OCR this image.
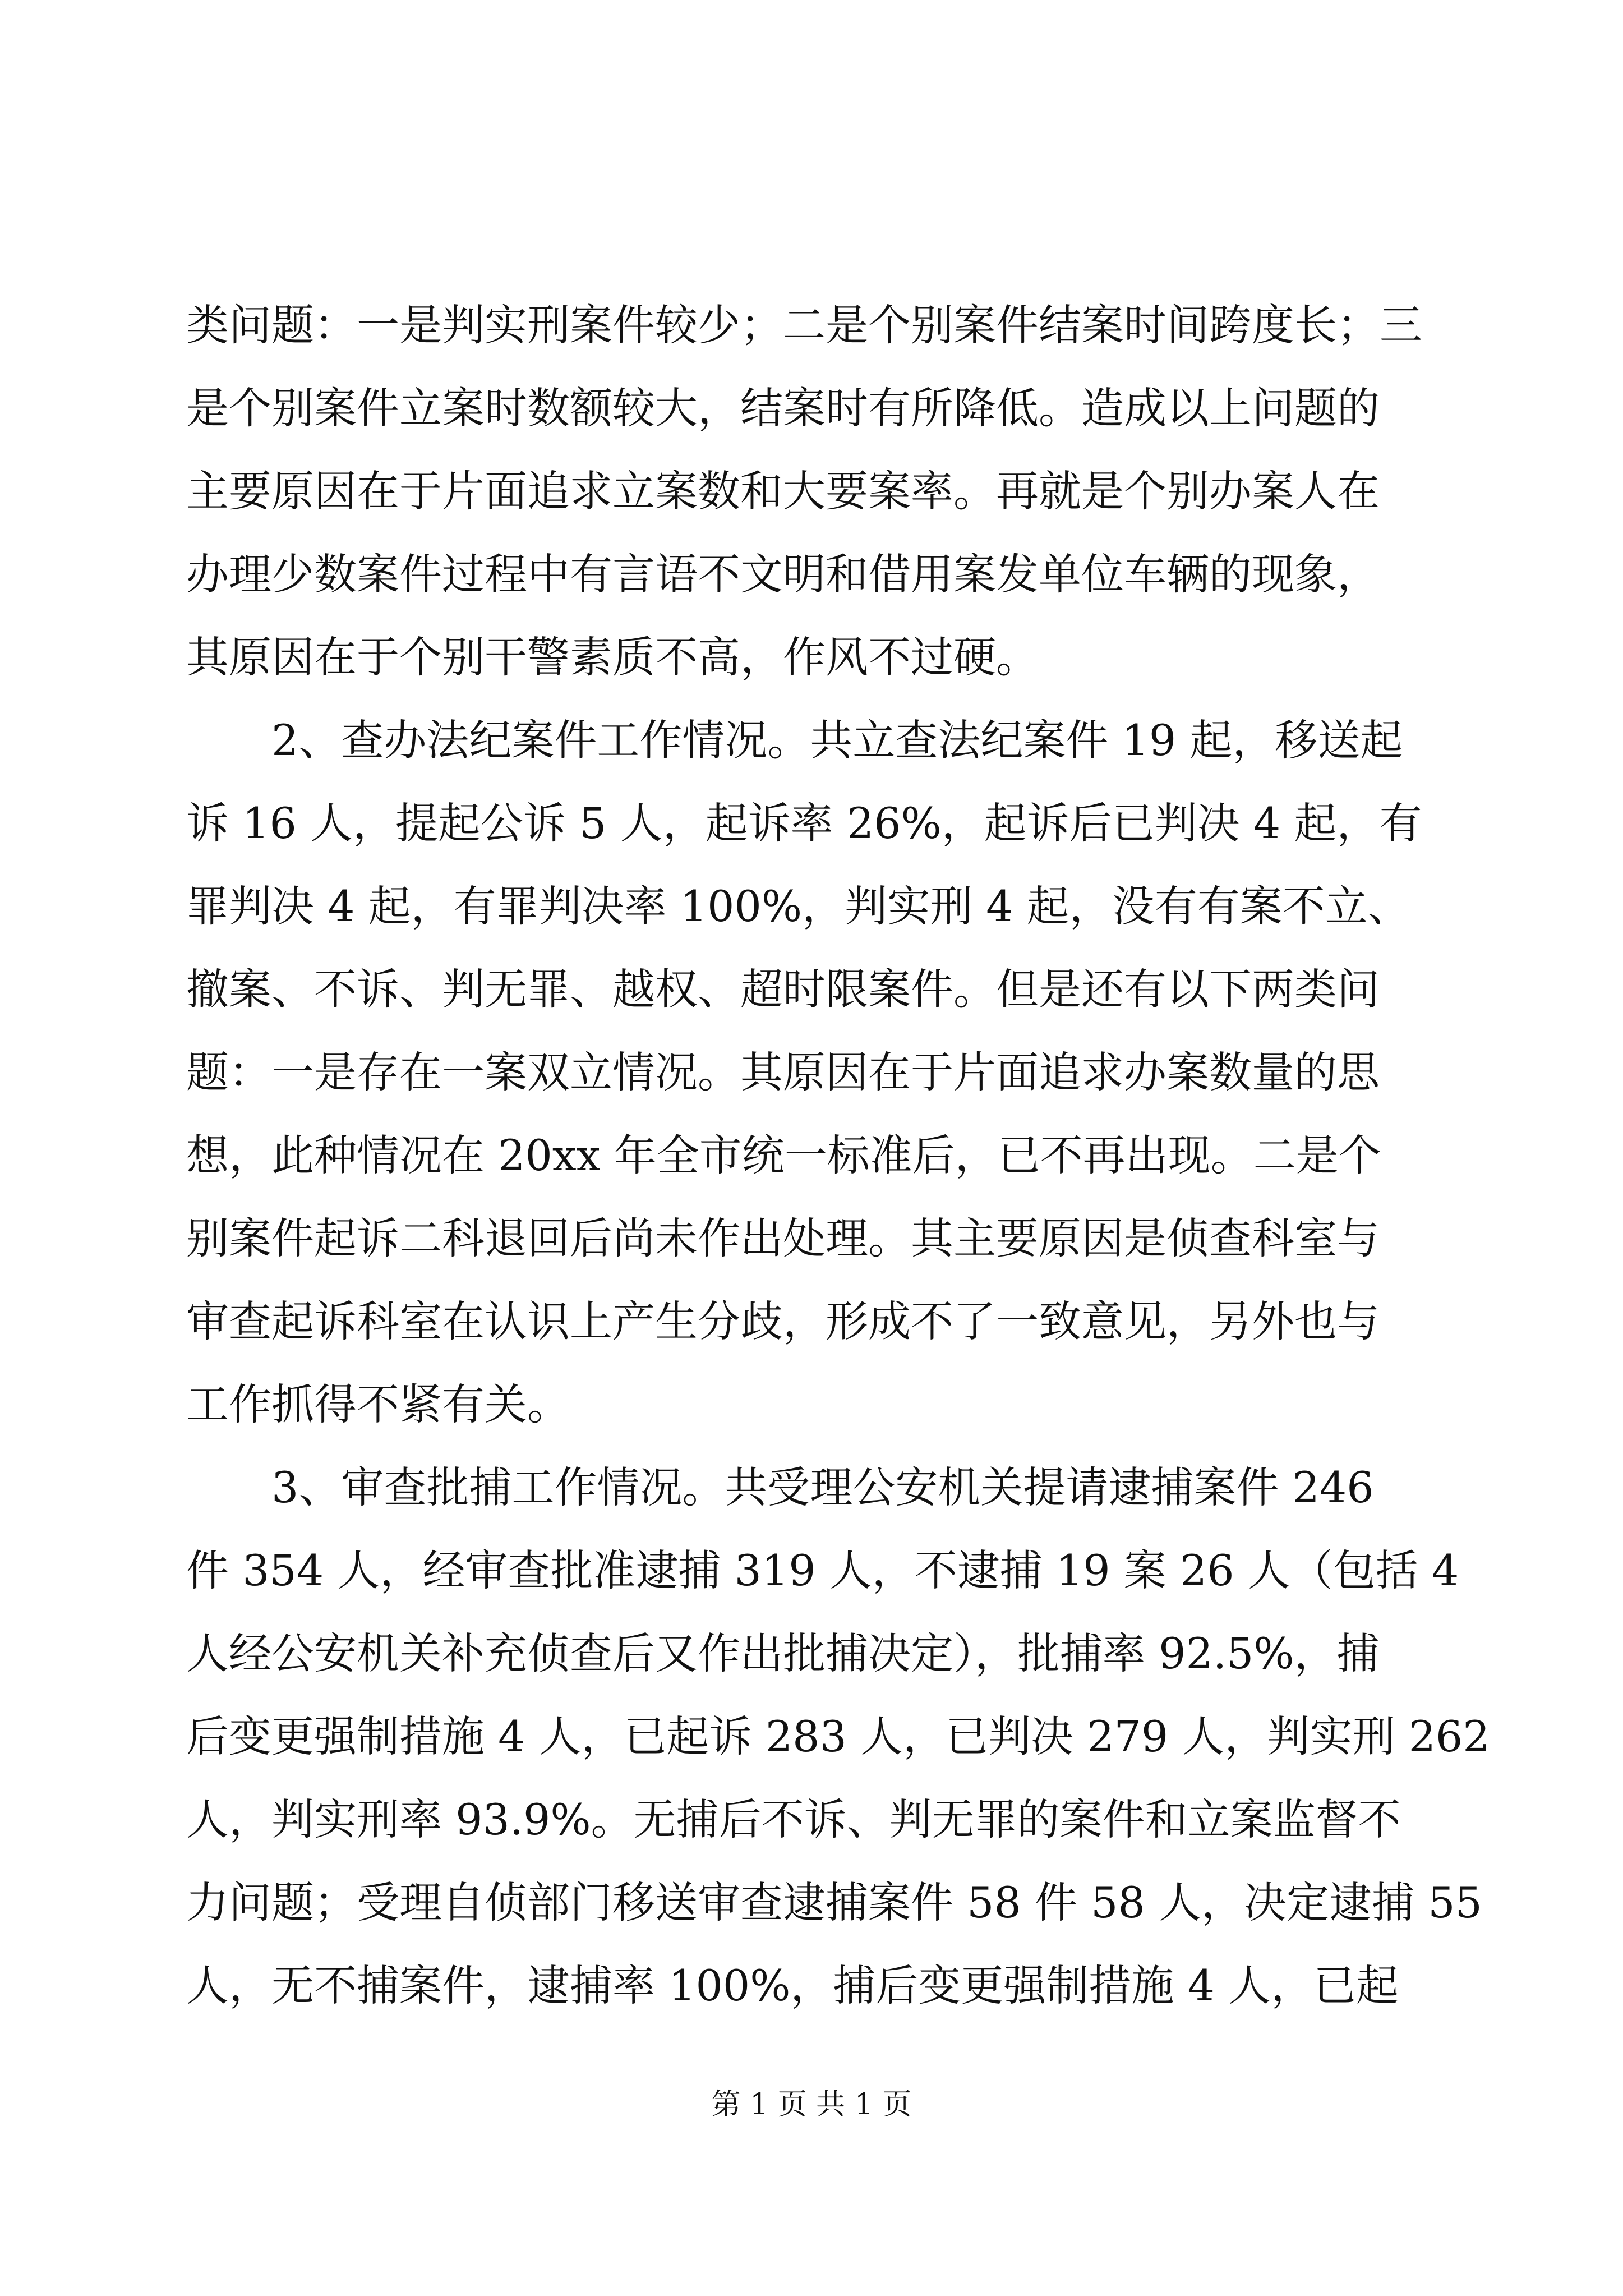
类问题：一是判实刑案件较少；二是个别案件结案时间跨度长；三
是个别案件立案时数额较大，结案时有所降低。造成以上问题的
主要原因在于片面追求立案数和大要案率。再就是个别办案人在
办理少数案件过程中有言语不文明和借用案发单位车辆的现象，
其原因在于个别干警素质不高，作风不过硬。
　　2、查办法纪案件工作情况。共立查法纪案件 19 起，移送起
诉 16 人，提起公诉 5 人，起诉率 26%，起诉后已判决 4 起，有
罪判决 4 起，有罪判决率 100%，判实刑 4 起，没有有案不立、
撤案、不诉、判无罪、越权、超时限案件。但是还有以下两类问
题：一是存在一案双立情况。其原因在于片面追求办案数量的思
想，此种情况在 20xx 年全市统一标准后，已不再出现。二是个
别案件起诉二科退回后尚未作出处理。其主要原因是侦查科室与
审查起诉科室在认识上产生分歧，形成不了一致意见，另外也与
工作抓得不紧有关。
　　3、审查批捕工作情况。共受理公安机关提请逮捕案件 246
件 354 人，经审查批准逮捕 319 人，不逮捕 19 案 26 人（包括 4
人经公安机关补充侦查后又作出批捕决定），批捕率 92.5%，捕
后变更强制措施 4 人，已起诉 283 人，已判决 279 人，判实刑 262
人，判实刑率 93.9%。无捕后不诉、判无罪的案件和立案监督不
力问题；受理自侦部门移送审查逮捕案件 58 件 58 人，决定逮捕 55
人，无不捕案件，逮捕率 100%，捕后变更强制措施 4 人，已起
第 1 页 共 1 页
